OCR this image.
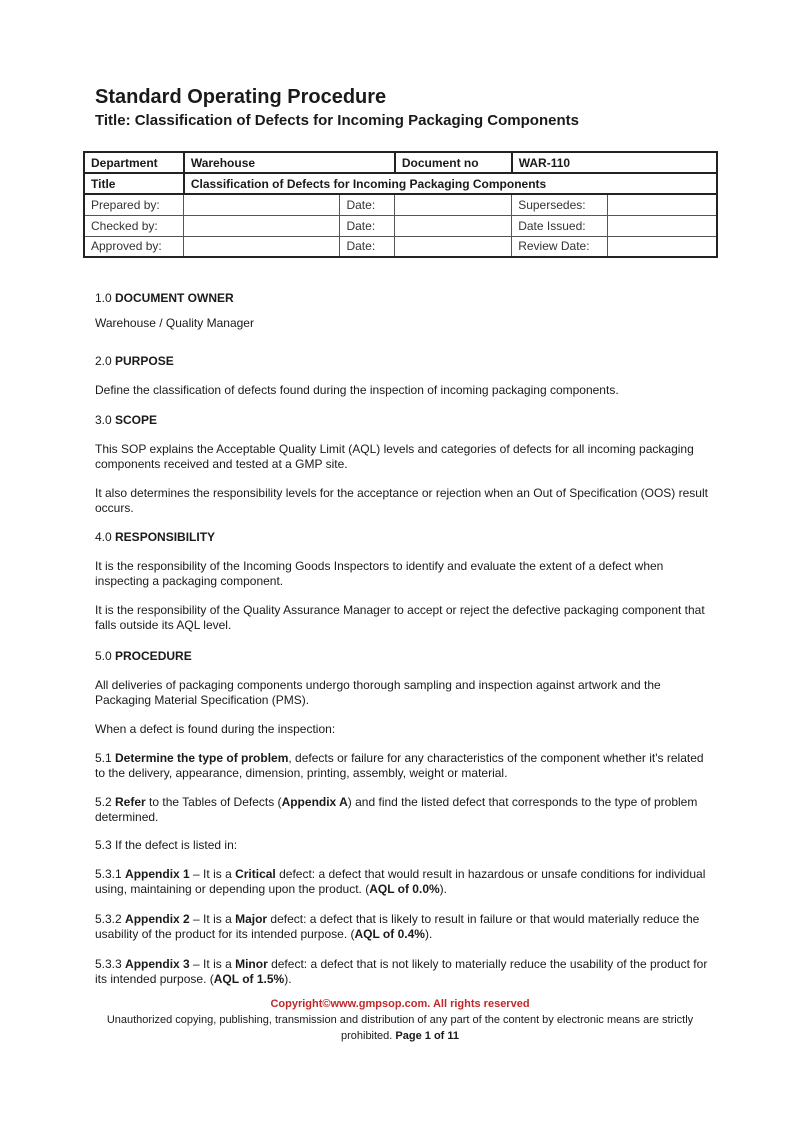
Standard Operating Procedure
Title: Classification of Defects for Incoming Packaging Components
Department	Warehouse		Document no	WAR-110	
Title	Classification of Defects for Incoming Packaging Components				
Prepared by:		Date:		Supersedes:	
Checked by:		Date:		Date Issued:	
Approved by:		Date:		Review Date:	
1.0 DOCUMENT OWNER
Warehouse / Quality Manager
2.0 PURPOSE
Define the classification of defects found during the inspection of incoming packaging components.
3.0 SCOPE
This SOP explains the Acceptable Quality Limit (AQL) levels and categories of defects for all incoming packaging components received and tested at a GMP site.
It also determines the responsibility levels for the acceptance or rejection when an Out of Specification (OOS) result occurs.
4.0 RESPONSIBILITY
It is the responsibility of the Incoming Goods Inspectors to identify and evaluate the extent of a defect when inspecting a packaging component.
It is the responsibility of the Quality Assurance Manager to accept or reject the defective packaging component that falls outside its AQL level.
5.0 PROCEDURE
All deliveries of packaging components undergo thorough sampling and inspection against artwork and the Packaging Material Specification (PMS).
When a defect is found during the inspection:
5.1 Determine the type of problem, defects or failure for any characteristics of the component whether it's related to the delivery, appearance, dimension, printing, assembly, weight or material.
5.2 Refer to the Tables of Defects (Appendix A) and find the listed defect that corresponds to the type of problem determined.
5.3 If the defect is listed in:
5.3.1 Appendix 1 – It is a Critical defect: a defect that would result in hazardous or unsafe conditions for individual using, maintaining or depending upon the product. (AQL of 0.0%).
5.3.2 Appendix 2 – It is a Major defect: a defect that is likely to result in failure or that would materially reduce the usability of the product for its intended purpose. (AQL of 0.4%).
5.3.3 Appendix 3 – It is a Minor defect: a defect that is not likely to materially reduce the usability of the product for its intended purpose. (AQL of 1.5%).
Copyright©www.gmpsop.com. All rights reserved
Unauthorized copying, publishing, transmission and distribution of any part of the content by electronic means are strictly prohibited. Page 1 of 11
